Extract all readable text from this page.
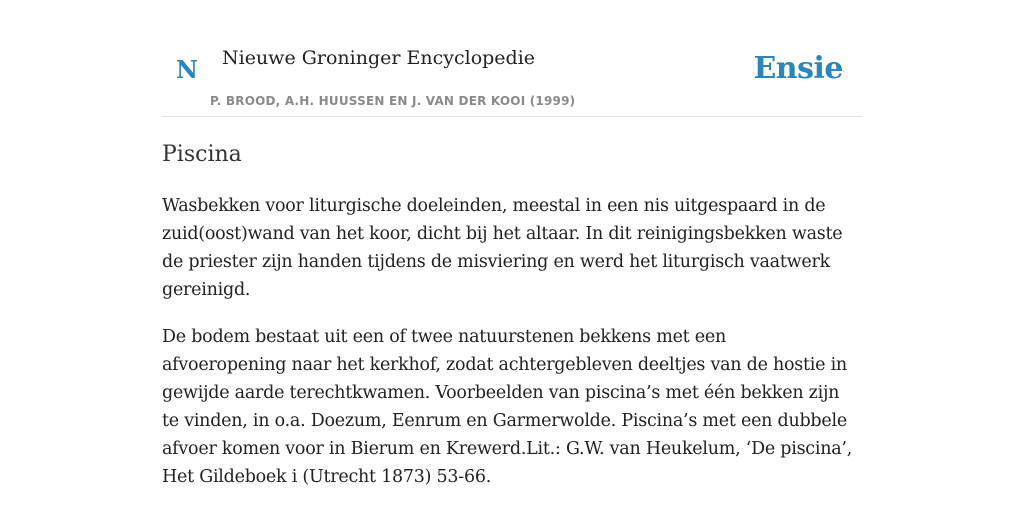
N Nieuwe Groninger Encyclopedie
P. BROOD, A.H. HUUSSEN EN J. VAN DER KOOI (1999)
Ensie
Piscina

Wasbekken voor liturgische doeleinden, meestal in een nis uitgespaard in de zuid(oost)wand van het koor, dicht bij het altaar. In dit reinigingsbekken waste de priester zijn handen tijdens de misviering en werd het liturgisch vaatwerk gereinigd.

De bodem bestaat uit een of twee natuurstenen bekkens met een afvoeropening naar het kerkhof, zodat achtergebleven deeltjes van de hostie in gewijde aarde terechtkwamen. Voorbeelden van piscina’s met één bekken zijn te vinden, in o.a. Doezum, Eenrum en Garmerwolde. Piscina’s met een dubbele afvoer komen voor in Bierum en Krewerd.Lit.: G.W. van Heukelum, ‘De piscina’, Het Gildeboek i (Utrecht 1873) 53-66.
